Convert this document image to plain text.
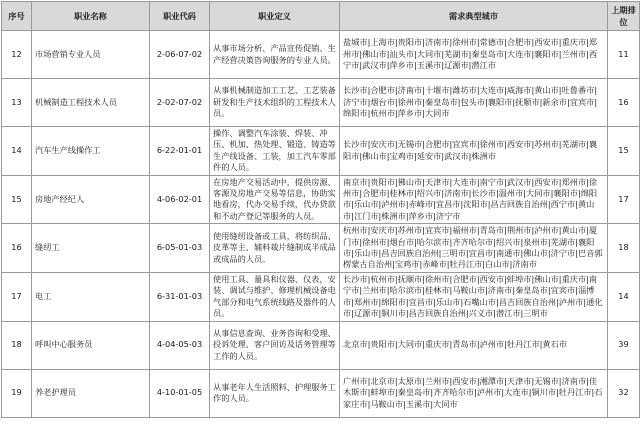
序号	职业名称	职业代码	职业定义	需求典型城市	上期排位
12	市场营销专业人员	2-06-07-02	从事市场分析、产品宣传促销、生产经营决策咨询服务的专业人员。	盐城市|上海市|贵阳市|济南市|徐州市|常德市|合肥市|西安市|重庆市|郑州市|佛山市|汕头市|大同市|芜湖市|秦皇岛市|大连市|襄阳市|兰州市|西宁市|武汉市|萍乡市|玉溪市|辽源市|潜江市	11
13	机械制造工程技术人员	2-02-07-02	从事机械制造加工工艺、工艺装备研发和生产技术组织的工程技术人员。	长沙市|合肥市|济南市|十堰市|潍坊市|大连市|威海市|黄山市|吐鲁番市|济宁市|烟台市|徐州市|秦皇岛市|包头市|襄阳市|抚顺市|新余市|宜宾市|绵阳市|杭州市|萍乡市|大同市	16
14	汽车生产线操作工	6-22-01-01	操作、调整汽车涂装、焊装、冲压、机加、热处理、锻造、铸造等生产线设备、工装，加工汽车零部件的人员。	长沙市|安庆市|无锡市|合肥市|宜宾市|徐州市|西安市|苏州市|芜湖市|襄阳市|佛山市|宝鸡市|延安市|武汉市|株洲市	15
15	房地产经纪人	4-06-02-01	在房地产交易活动中，提供房源、客源及房地产交易等信息，协助实地看房，代办交易手续，代办贷款和不动产登记等服务的人员。	南京市|贵阳市|佛山市|天津市|大连市|南宁市|武汉市|西安市|郑州市|徐州市|合肥市|桂林市|绍兴市|济南市|长沙市|温州市|大同市|襄阳市|绵阳市|乐山市|泸州市|赤峰市|宜昌市|沈阳市|昌吉回族自治州|西宁市|黄山市|江门市|株洲市|萍乡市|济宁市	17
16	缝纫工	6-05-01-03	使用缝纫设备或工具，将纺织品、皮革等主、辅料裁片缝制成半成品或成品的人员。	杭州市|安庆市|苏州市|宜宾市|福州市|青岛市|荆州市|泸州市|黄山市|厦门市|徐州市|烟台市|哈尔滨市|齐齐哈尔市|绍兴市|泉州市|芜湖市|襄阳市|乐山市|昌吉回族自治州|三明市|宜昌市|南通市|佛山市|济宁市|巴音郭楞蒙古自治州|宝鸡市|赤峰市|牡丹江市|白山市|济南市	18
17	电工	6-31-01-03	使用工具、量具和仪器、仪表，安装、调试与维护、修理机械设备电气部分和电气系统线路及器件的人员。	长沙市|杭州市|抚顺市|徐州市|合肥市|西安市|蚌埠市|佛山市|重庆市|南宁市|兰州市|哈尔滨市|桂林市|马鞍山市|济南市|秦皇岛市|宜宾市|淄博市|郑州市|绵阳市|宜昌市|乐山市|石嘴山市|昌吉回族自治州|泸州市|通化市|辽源市|铜川市|昌吉回族自治州|兴义市|潜江市|三明市	14
18	呼叫中心服务员	4-04-05-03	从事信息查询、业务咨询和受理、投诉处理、客户回访及话务管理等工作的人员。	北京市|贵阳市|大同市|重庆市|青岛市|泸州市|牡丹江市|黄石市	39
19	养老护理员	4-10-01-05	从事老年人生活照料、护理服务工作的人员。	广州市|北京市|太原市|兰州市|西安市|湘潭市|天津市|无锡市|济南市|佳木斯市|蚌埠市|秦皇岛市|齐齐哈尔市|泸州市|大连市|铜川市|牡丹江市|石家庄市|马鞍山市|玉溪市|大同市	32
